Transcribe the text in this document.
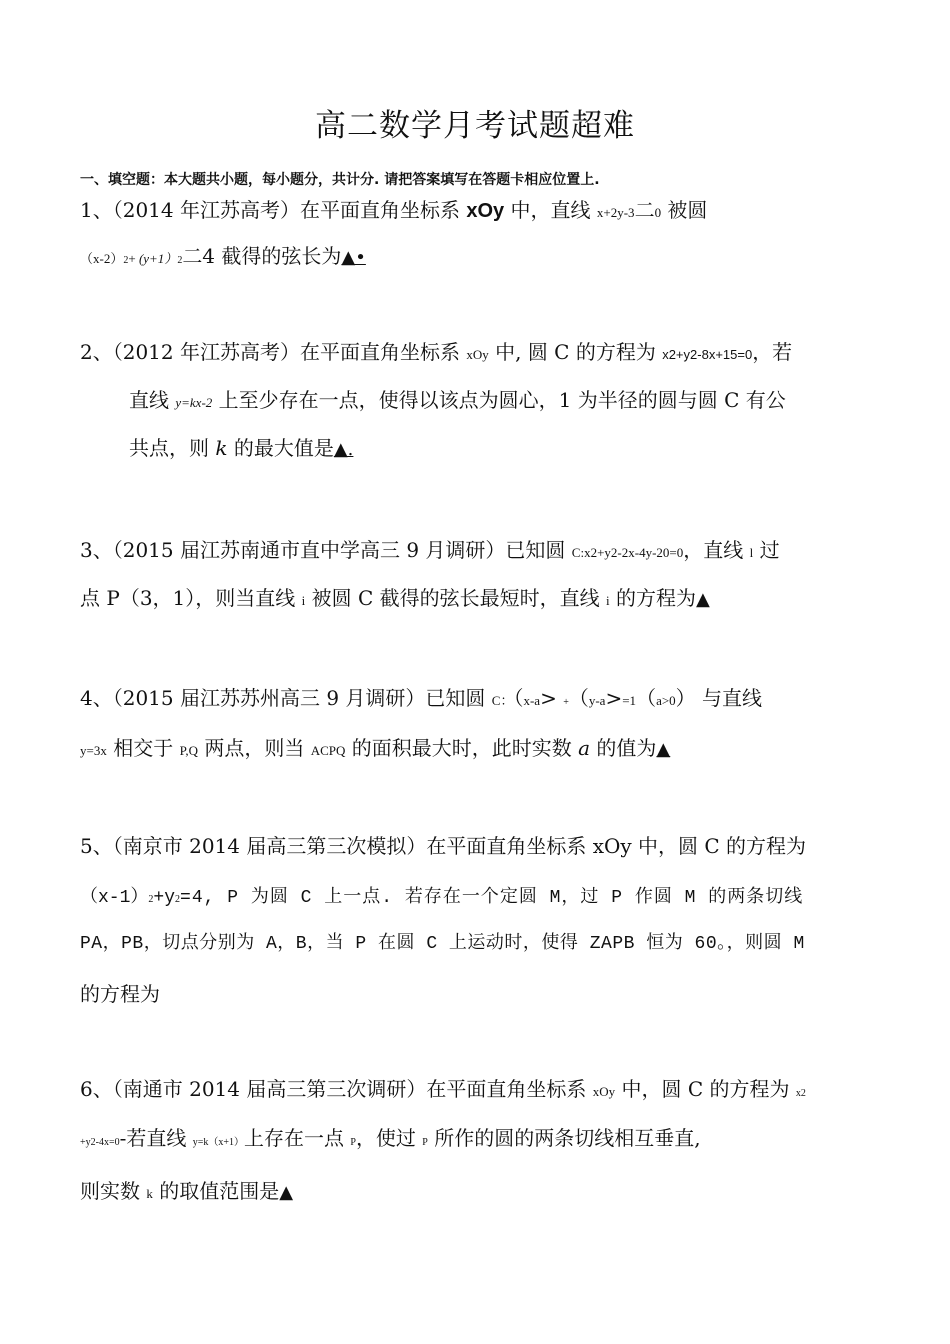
高二数学月考试题超难
一、填空题：本大题共小题，每小题分，共计分. 请把答案填写在答题卡相应位置上.
1、（2014 年江苏高考）在平面直角坐标系 xOy 中，直线 x+2y-3二0 被圆
（x-2）2+ (y+1）2二4 截得的弦长为▲•
2、（2012 年江苏高考）在平面直角坐标系 xOy 中, 圆 C 的方程为 x2+y2-8x+15=0，若
直线 y=kx-2 上至少存在一点，使得以该点为圆心，1 为半径的圆与圆 C 有公
共点，则 k 的最大值是▲.
3、（2015 届江苏南通市直中学高三 9 月调研）已知圆 C:x2+y2-2x-4y-20=0，直线 l 过
点 P（3，1），则当直线 i 被圆 C 截得的弦长最短时，直线 i 的方程为▲
4、（2015 届江苏苏州高三 9 月调研）已知圆 C：（x-a> +（y-a>=1（a>0） 与直线
y=3x 相交于 P,Q 两点，则当 ACPQ 的面积最大时，此时实数 a 的值为▲
5、（南京市 2014 届高三第三次模拟）在平面直角坐标系 xOy 中，圆 C 的方程为
（x-1）2+y2=4, P 为圆 C 上一点. 若存在一个定圆 M，过 P 作圆 M 的两条切线
PA，PB，切点分别为 A，B，当 P 在圆 C 上运动时，使得 ZAPB 恒为 60。，则圆 M
的方程为
6、（南通市 2014 届高三第三次调研）在平面直角坐标系 xOy 中，圆 C 的方程为 x2
+y2-4x=0-若直线 y=k（x+1）上存在一点 P，使过 P 所作的圆的两条切线相互垂直,
则实数 k 的取值范围是▲
